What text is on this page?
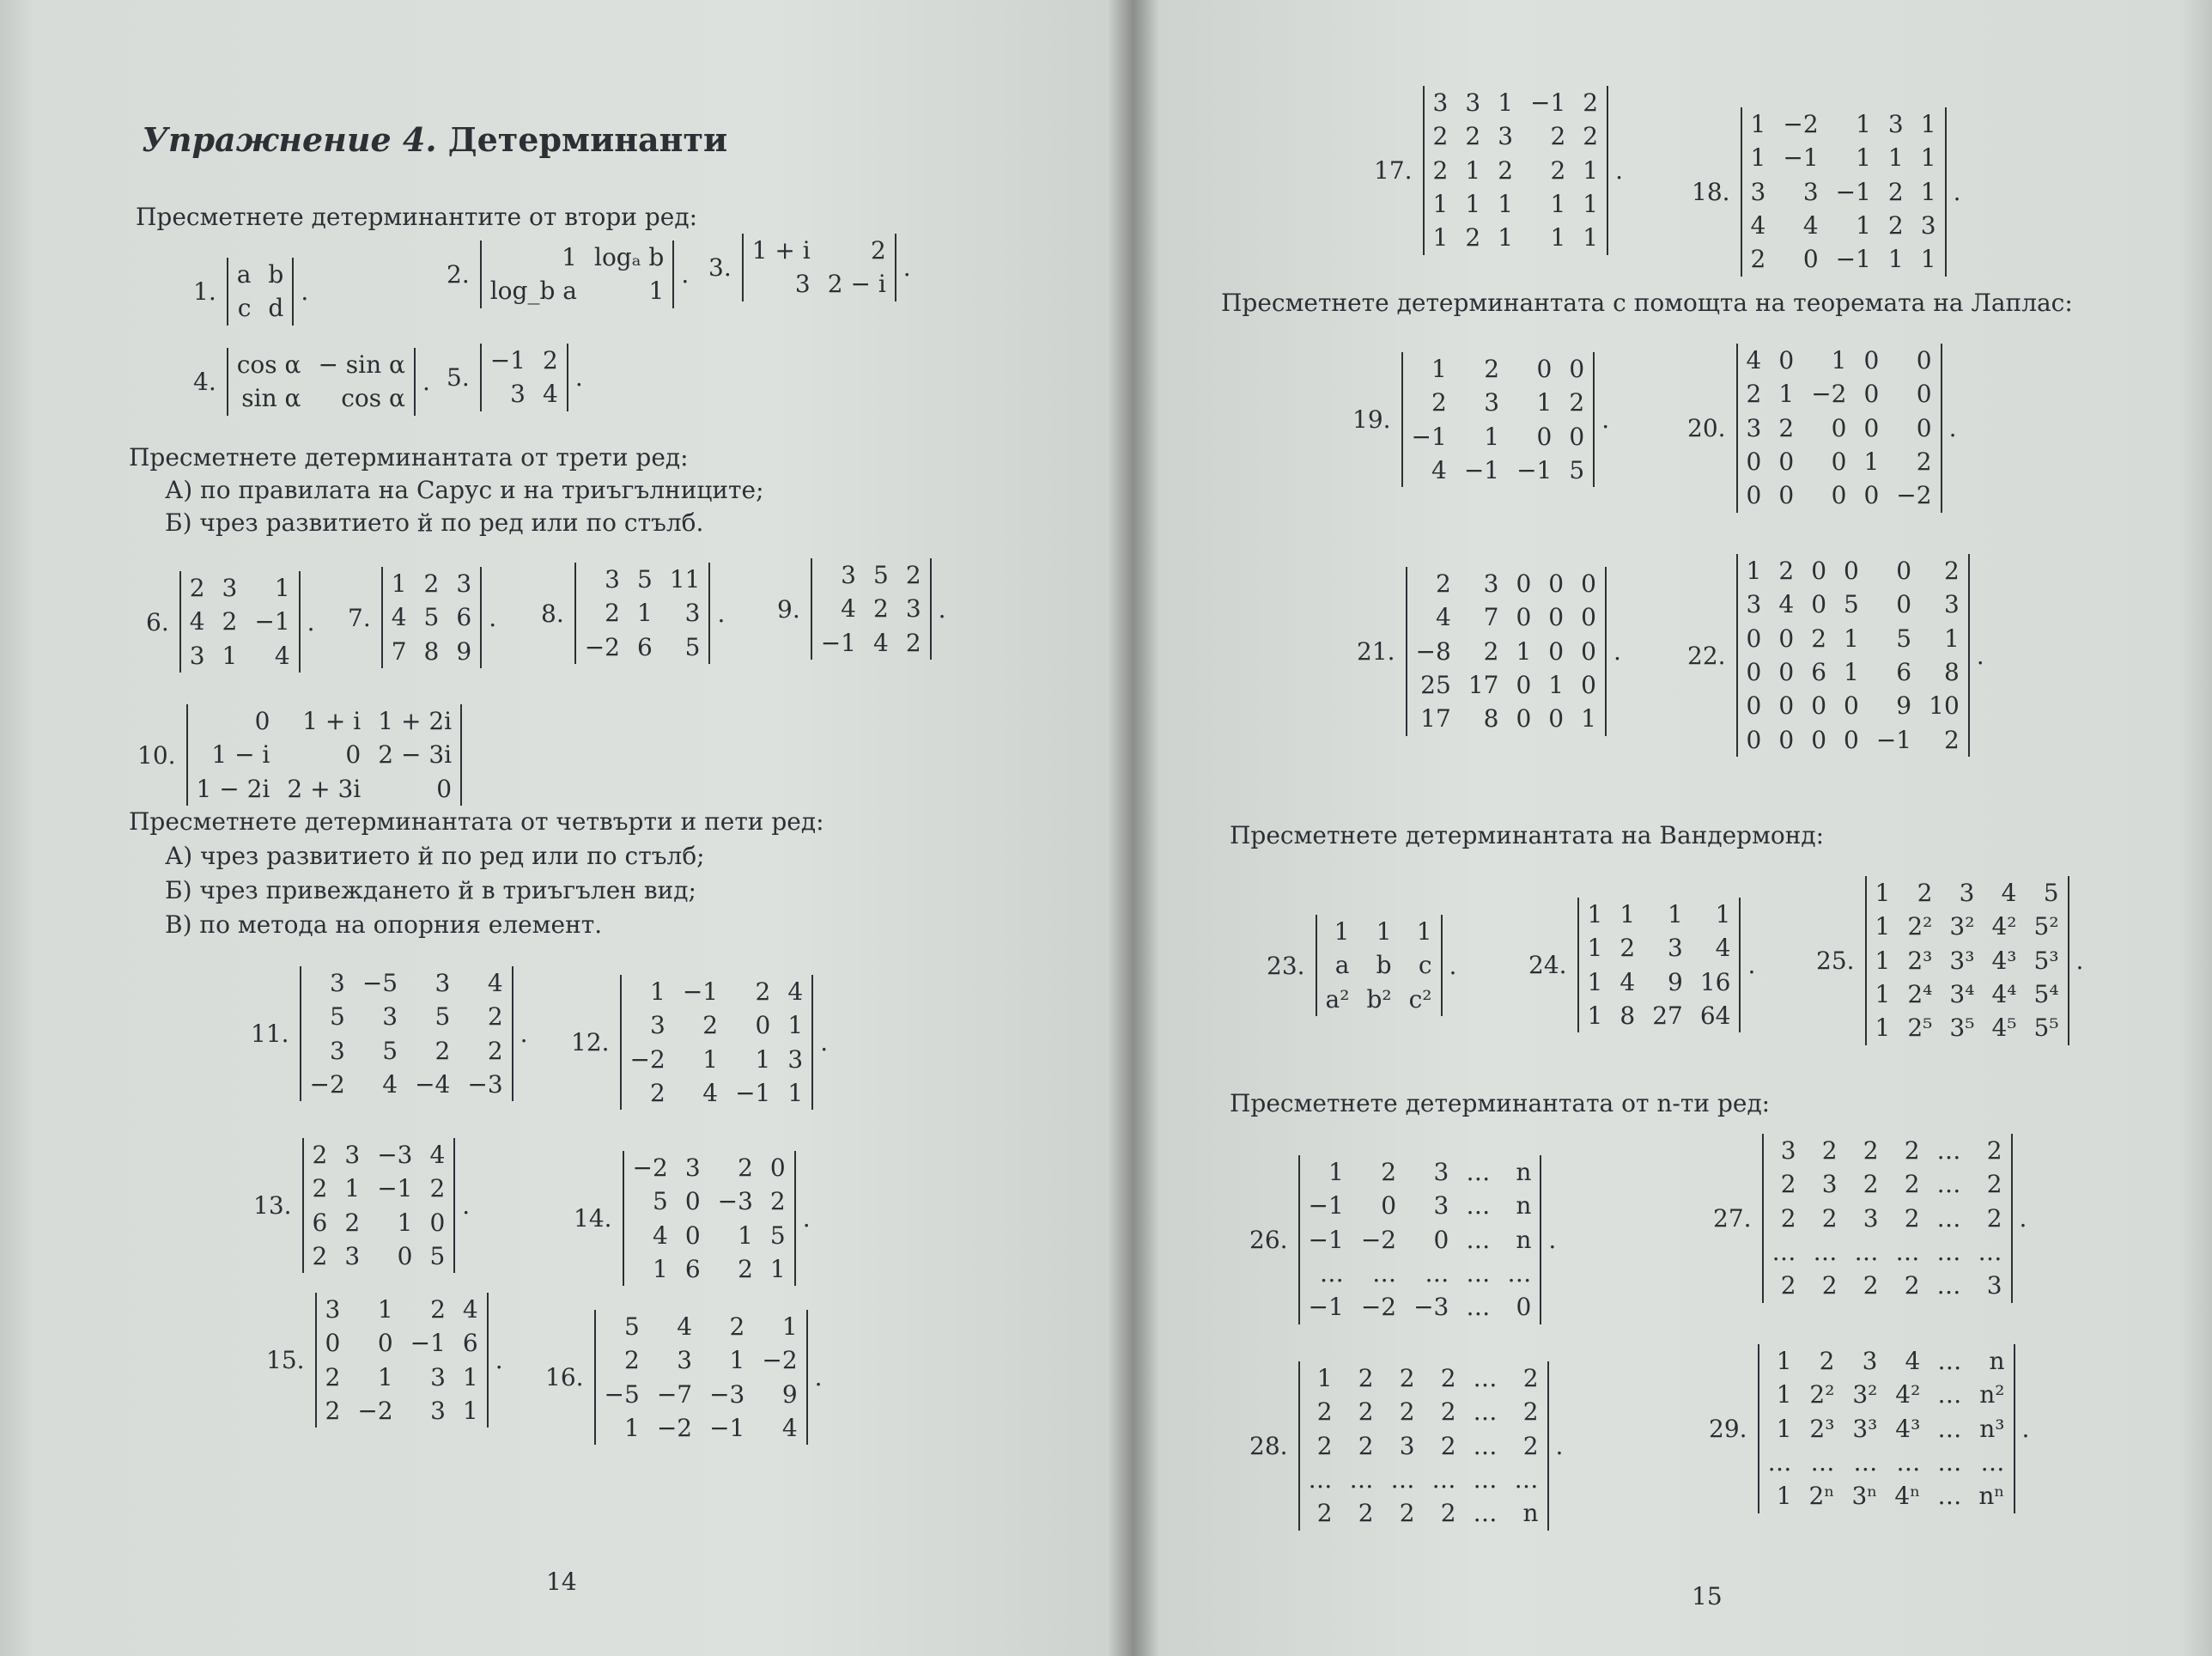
Упражнение 4. Детерминанти
Пресметнете детерминантите от втори ред:
1.
a	b
c	d
.
2.
1	logₐ b
log_b a	1
. 3.
1 + i	2
3	2 − i
.
4.
cos α	− sin α
sin α	cos α
. 5.
−1	2
3	4
.
Пресметнете детерминантата от трети ред:
А) по правилата на Сарус и на триъгълниците;
Б) чрез развитието й по ред или по стълб.
6.
2	3	1
4	2	−1
3	1	4
. 7.
1	2	3
4	5	6
7	8	9
. 8.
3	5	11
2	1	3
−2	6	5
. 9.
3	5	2
4	2	3
−1	4	2
.
10.
0	1 + i	1 + 2i
1 − i	0	2 − 3i
1 − 2i	2 + 3i	0
Пресметнете детерминантата от четвърти и пети ред:
А) чрез развитието й по ред или по стълб;
Б) чрез привеждането й в триъгълен вид;
В) по метода на опорния елемент.
11.
3	−5	3	4
5	3	5	2
3	5	2	2
−2	4	−4	−3
. 12.
1	−1	2	4
3	2	0	1
−2	1	1	3
2	4	−1	1
.
13.
2	3	−3	4
2	1	−1	2
6	2	1	0
2	3	0	5
.	14.
−2	3	2	0
5	0	−3	2
4	0	1	5
1	6	2	1
.
15.
3	1	2	4
0	0	−1	6
2	1	3	1
2	−2	3	1
.
16.
5	4	2	1
2	3	1	−2
−5	−7	−3	9
1	−2	−1	4
.
14
17.
3	3	1	−1	2
2	2	3	2	2
2	1	2	2	1
1	1	1	1	1
1	2	1	1	1
.
18.
1	−2	1	3	1
1	−1	1	1	1
3	3	−1	2	1
4	4	1	2	3
2	0	−1	1	1
.
Пресметнете детерминантата с помощта на теоремата на Лаплас:
19.
1	2	0	0
2	3	1	2
−1	1	0	0
4	−1	−1	5
.	20.
4	0	1	0	0
2	1	−2	0	0
3	2	0	0	0
0	0	0	1	2
0	0	0	0	−2
.
21.
2	3	0	0	0
4	7	0	0	0
−8	2	1	0	0
25	17	0	1	0
17	8	0	0	1
.	22.
1	2	0	0	0	2
3	4	0	5	0	3
0	0	2	1	5	1
0	0	6	1	6	8
0	0	0	0	9	10
0	0	0	0	−1	2
.
Пресметнете детерминантата на Вандермонд:
23.
1	1	1
a	b	c
a²	b²	c²
.	24.
1	1	1	1
1	2	3	4
1	4	9	16
1	8	27	64
.	25.
1	2	3	4	5
1	2²	3²	4²	5²
1	2³	3³	4³	5³
1	2⁴	3⁴	4⁴	5⁴
1	2⁵	3⁵	4⁵	5⁵
.
Пресметнете детерминантата от n-ти ред:
26.
1	2	3	…	n
−1	0	3	…	n
−1	−2	0	…	n
…	…	…	…	…
−1	−2	−3	…	0
.
27.
3	2	2	2	…	2
2	3	2	2	…	2
2	2	3	2	…	2
…	…	…	…	…	…
2	2	2	2	…	3
.
28.
1	2	2	2	…	2
2	2	2	2	…	2
2	2	3	2	…	2
…	…	…	…	…	…
2	2	2	2	…	n
.
29.
1	2	3	4	…	n
1	2²	3²	4²	…	n²
1	2³	3³	4³	…	n³
…	…	…	…	…	…
1	2ⁿ	3ⁿ	4ⁿ	…	nⁿ
.
15
